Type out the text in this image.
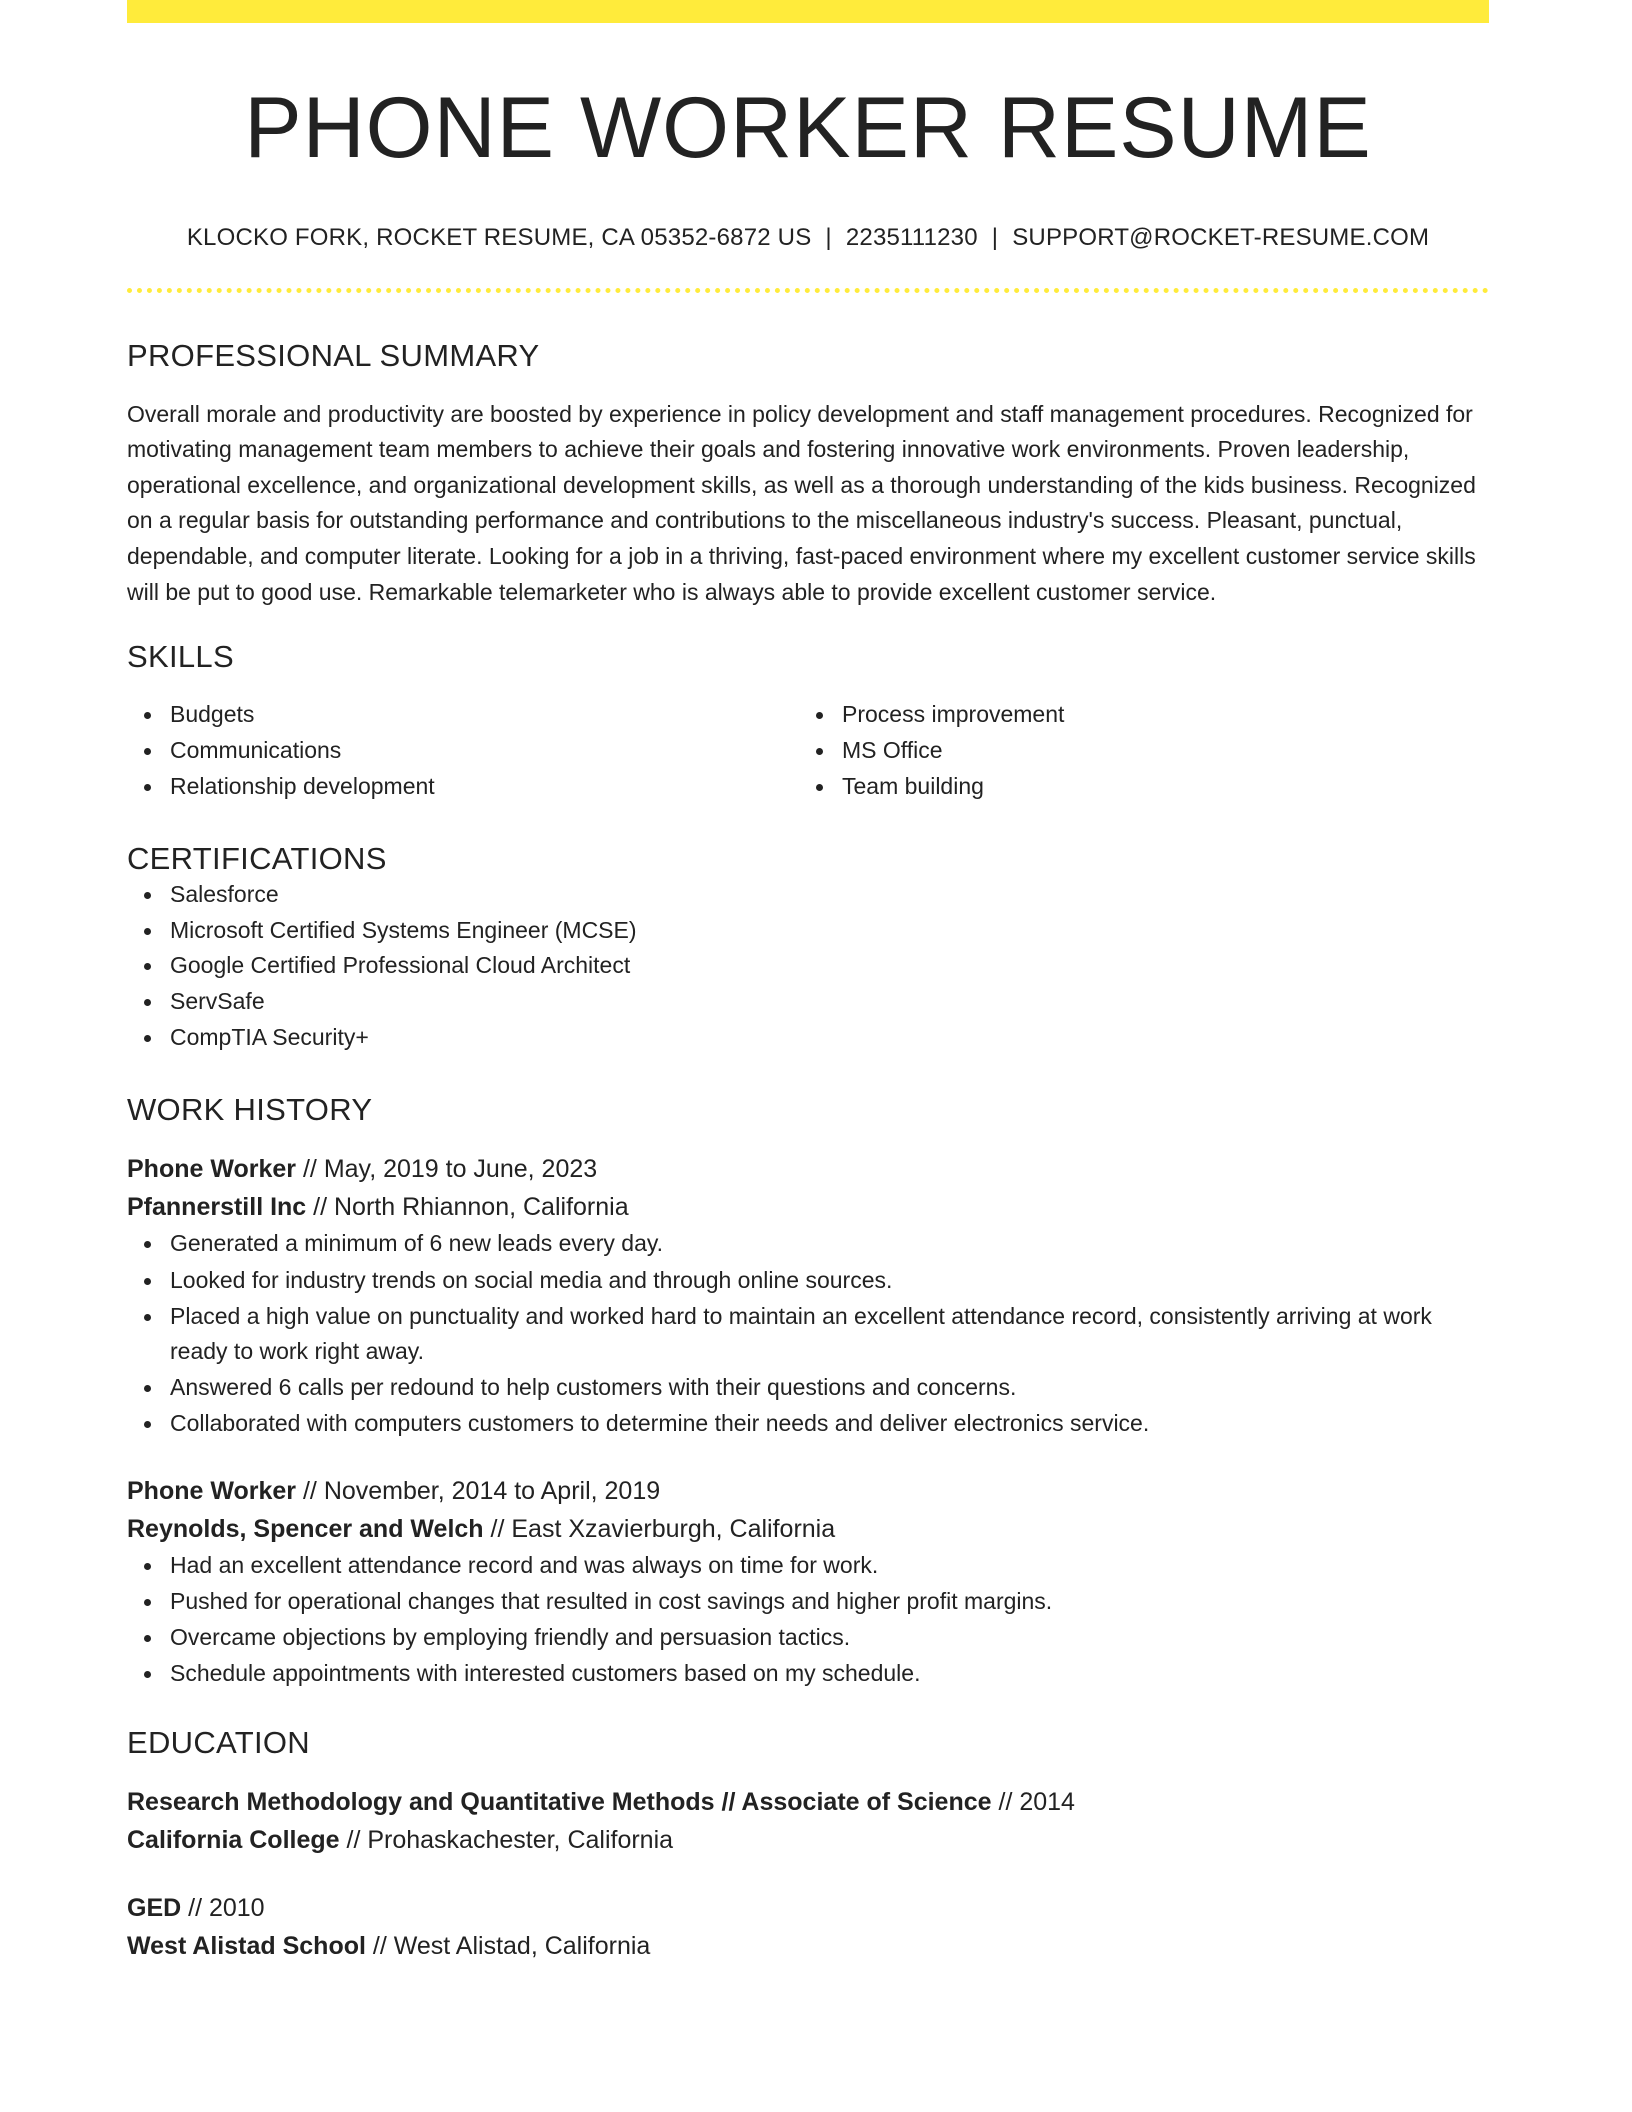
PHONE WORKER RESUME
KLOCKO FORK, ROCKET RESUME, CA 05352-6872 US | 2235111230 | SUPPORT@ROCKET-RESUME.COM
PROFESSIONAL SUMMARY
Overall morale and productivity are boosted by experience in policy development and staff management procedures. Recognized for motivating management team members to achieve their goals and fostering innovative work environments. Proven leadership, operational excellence, and organizational development skills, as well as a thorough understanding of the kids business. Recognized on a regular basis for outstanding performance and contributions to the miscellaneous industry's success. Pleasant, punctual, dependable, and computer literate. Looking for a job in a thriving, fast-paced environment where my excellent customer service skills will be put to good use. Remarkable telemarketer who is always able to provide excellent customer service.
SKILLS
Budgets
Communications
Relationship development
Process improvement
MS Office
Team building
CERTIFICATIONS
Salesforce
Microsoft Certified Systems Engineer (MCSE)
Google Certified Professional Cloud Architect
ServSafe
CompTIA Security+
WORK HISTORY
Phone Worker // May, 2019 to June, 2023
Pfannerstill Inc // North Rhiannon, California
Generated a minimum of 6 new leads every day.
Looked for industry trends on social media and through online sources.
Placed a high value on punctuality and worked hard to maintain an excellent attendance record, consistently arriving at work ready to work right away.
Answered 6 calls per redound to help customers with their questions and concerns.
Collaborated with computers customers to determine their needs and deliver electronics service.
Phone Worker // November, 2014 to April, 2019
Reynolds, Spencer and Welch // East Xzavierburgh, California
Had an excellent attendance record and was always on time for work.
Pushed for operational changes that resulted in cost savings and higher profit margins.
Overcame objections by employing friendly and persuasion tactics.
Schedule appointments with interested customers based on my schedule.
EDUCATION
Research Methodology and Quantitative Methods // Associate of Science // 2014
California College // Prohaskachester, California
GED // 2010
West Alistad School // West Alistad, California
